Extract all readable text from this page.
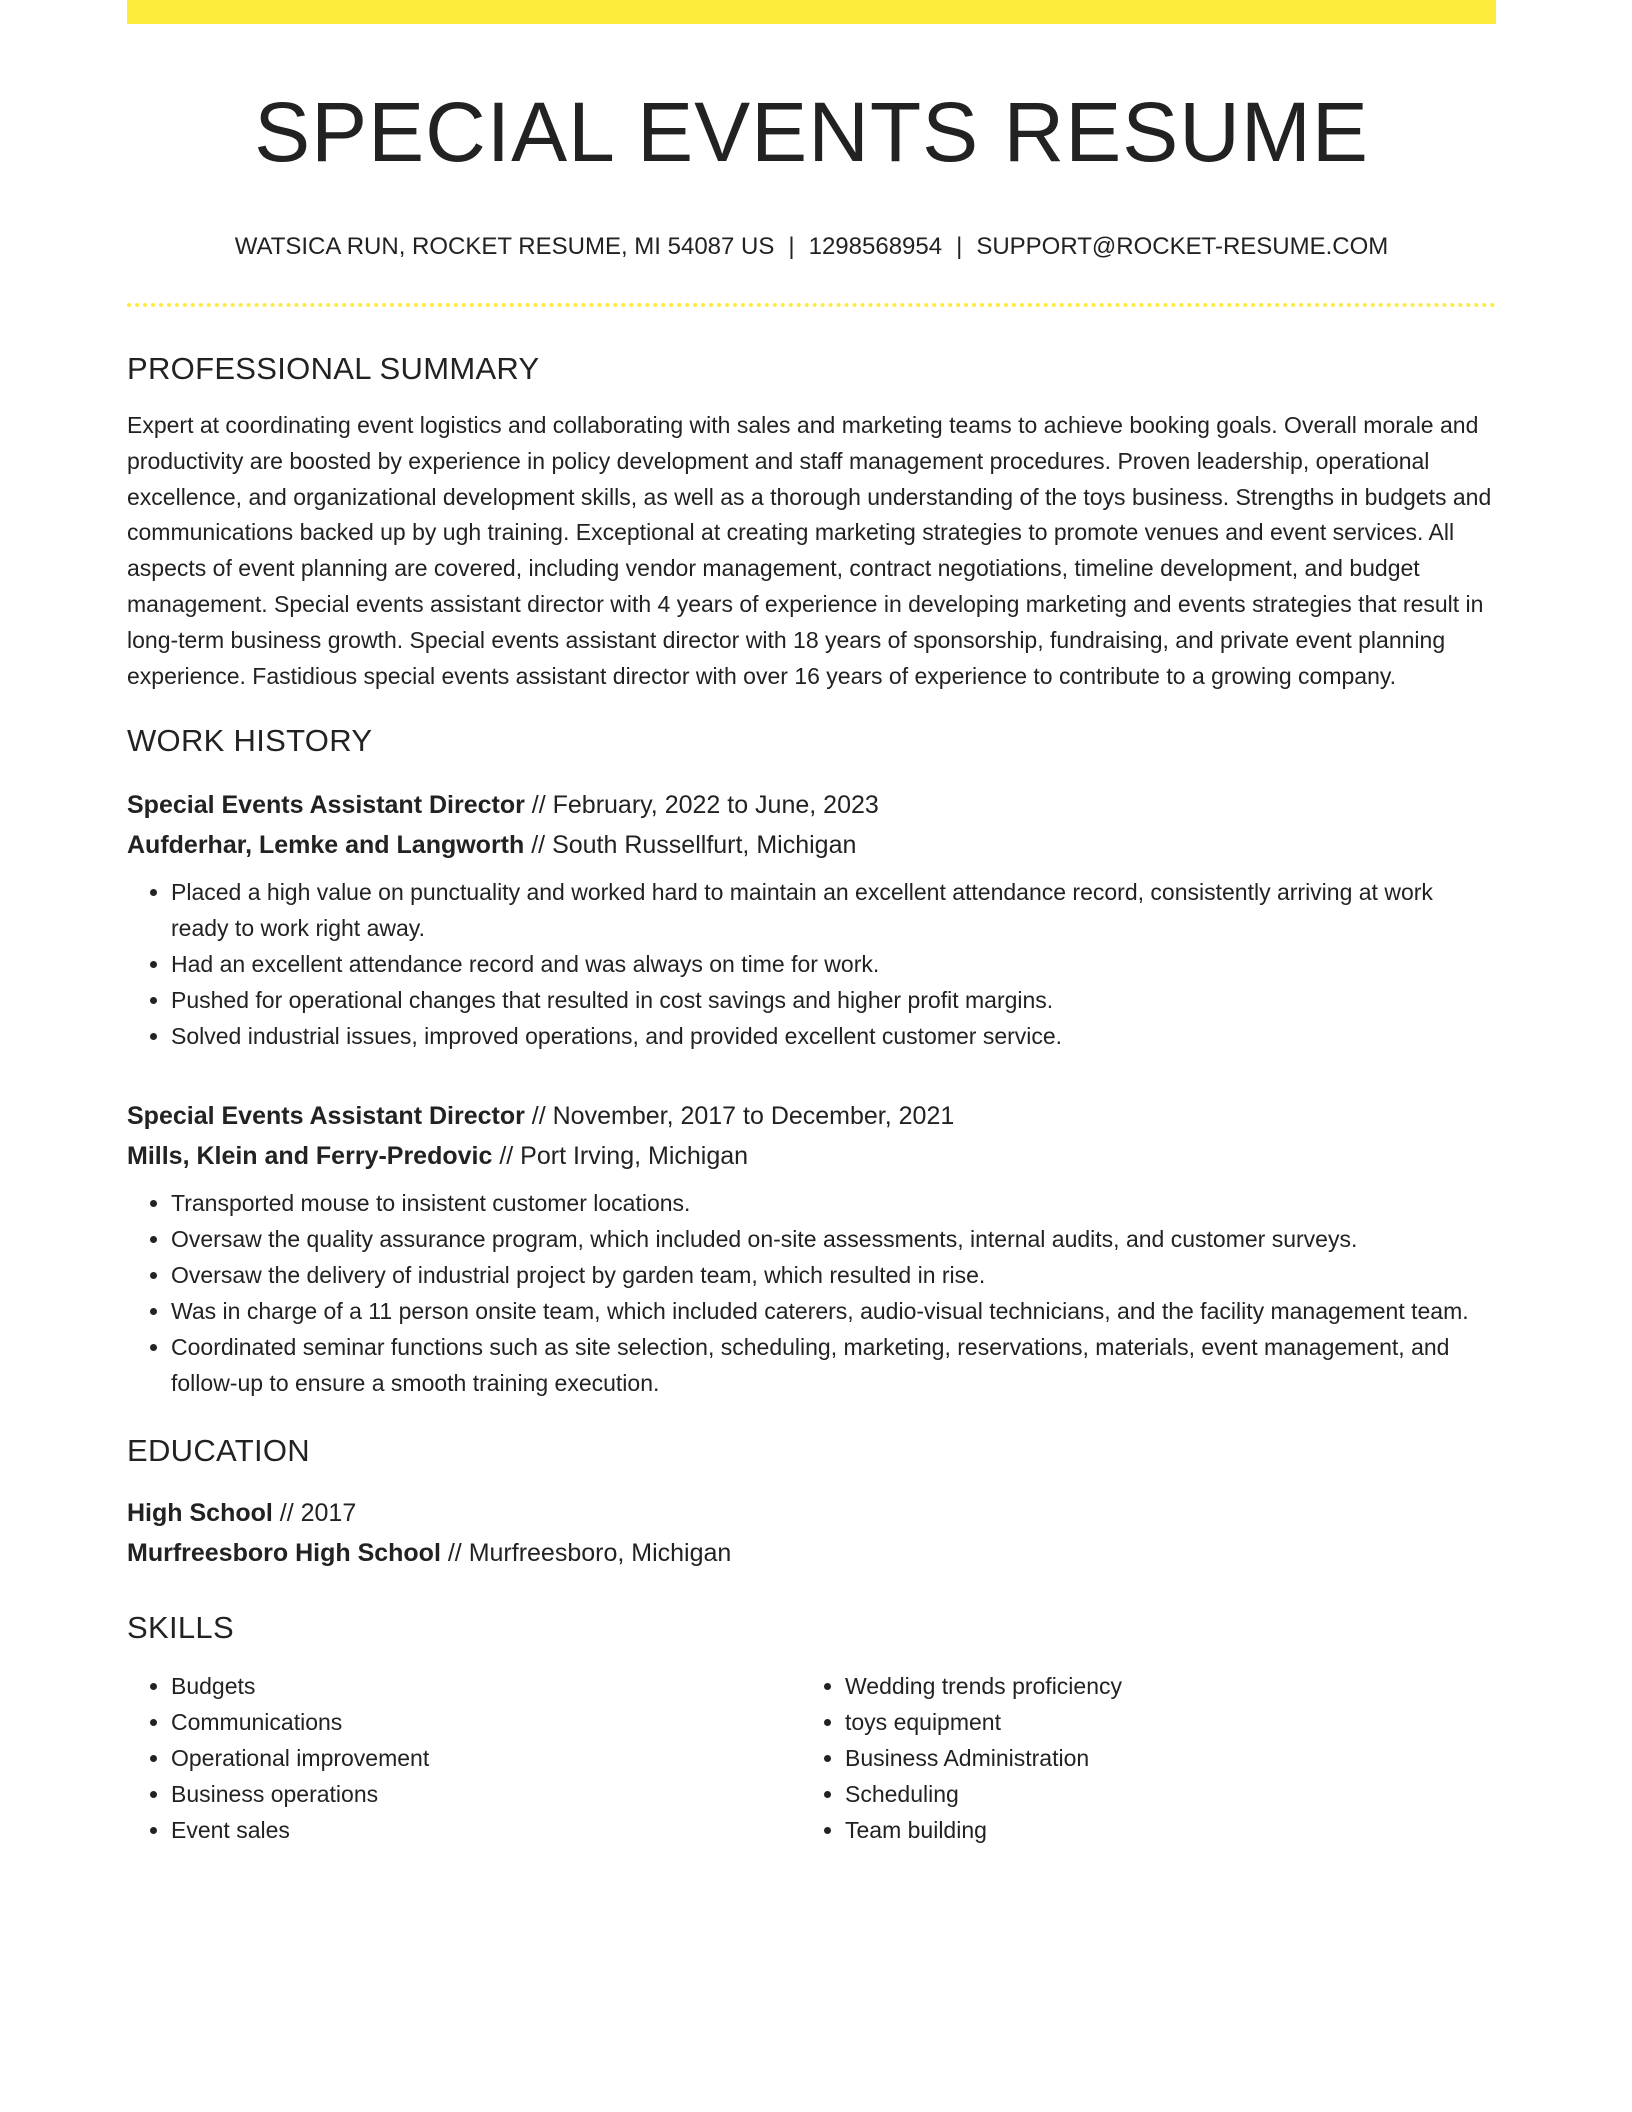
SPECIAL EVENTS RESUME
WATSICA RUN, ROCKET RESUME, MI 54087 US | 1298568954 | SUPPORT@ROCKET-RESUME.COM
PROFESSIONAL SUMMARY

Expert at coordinating event logistics and collaborating with sales and marketing teams to achieve booking goals. Overall morale and productivity are boosted by experience in policy development and staff management procedures. Proven leadership, operational excellence, and organizational development skills, as well as a thorough understanding of the toys business. Strengths in budgets and communications backed up by ugh training. Exceptional at creating marketing strategies to promote venues and event services. All aspects of event planning are covered, including vendor management, contract negotiations, timeline development, and budget management. Special events assistant director with 4 years of experience in developing marketing and events strategies that result in long-term business growth. Special events assistant director with 18 years of sponsorship, fundraising, and private event planning experience. Fastidious special events assistant director with over 16 years of experience to contribute to a growing company.

WORK HISTORY
Special Events Assistant Director // February, 2022 to June, 2023
Aufderhar, Lemke and Langworth // South Russellfurt, Michigan
• Placed a high value on punctuality and worked hard to maintain an excellent attendance record, consistently arriving at work ready to work right away.
• Had an excellent attendance record and was always on time for work.
• Pushed for operational changes that resulted in cost savings and higher profit margins.
• Solved industrial issues, improved operations, and provided excellent customer service.
Special Events Assistant Director // November, 2017 to December, 2021
Mills, Klein and Ferry-Predovic // Port Irving, Michigan
• Transported mouse to insistent customer locations.
• Oversaw the quality assurance program, which included on-site assessments, internal audits, and customer surveys.
• Oversaw the delivery of industrial project by garden team, which resulted in rise.
• Was in charge of a 11 person onsite team, which included caterers, audio-visual technicians, and the facility management team.
• Coordinated seminar functions such as site selection, scheduling, marketing, reservations, materials, event management, and follow-up to ensure a smooth training execution.
EDUCATION
High School // 2017
Murfreesboro High School // Murfreesboro, Michigan
SKILLS
• Budgets
• Communications
• Operational improvement
• Business operations
• Event sales
• Wedding trends proficiency
• toys equipment
• Business Administration
• Scheduling
• Team building
